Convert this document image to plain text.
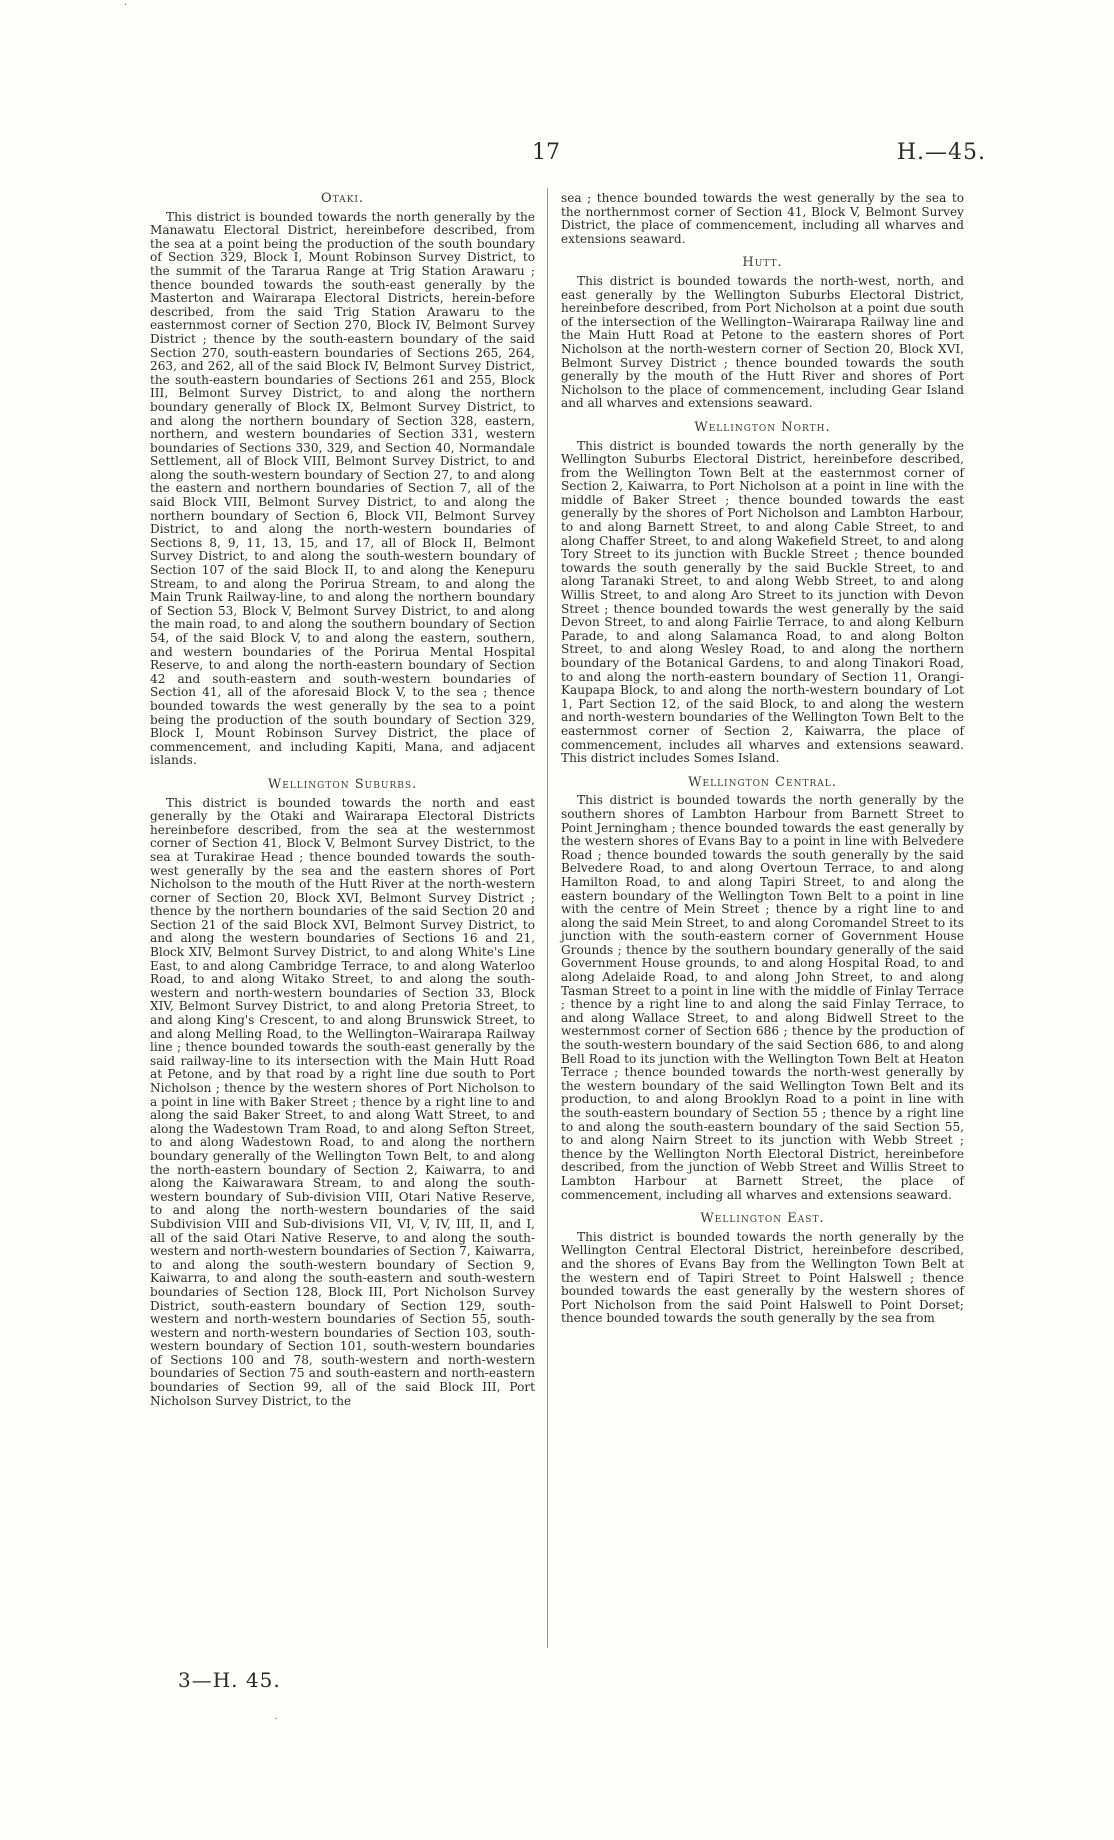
17	H.—45.
·
Otaki.

This district is bounded towards the north generally by the Manawatu Electoral District, hereinbefore described, from the sea at a point being the production of the south boundary of Section 329, Block I, Mount Robinson Survey District, to the summit of the Tararua Range at Trig Station Arawaru ; thence bounded towards the south-east generally by the Masterton and Wairarapa Electoral Districts, herein-before described, from the said Trig Station Arawaru to the easternmost corner of Section 270, Block IV, Belmont Survey District ; thence by the south-eastern boundary of the said Section 270, south-eastern boundaries of Sections 265, 264, 263, and 262, all of the said Block IV, Belmont Survey District, the south-eastern boundaries of Sections 261 and 255, Block III, Belmont Survey District, to and along the northern boundary generally of Block IX, Belmont Survey District, to and along the northern boundary of Section 328, eastern, northern, and western boundaries of Section 331, western boundaries of Sections 330, 329, and Section 40, Normandale Settlement, all of Block VIII, Belmont Survey District, to and along the south-western boundary of Section 27, to and along the eastern and northern boundaries of Section 7, all of the said Block VIII, Belmont Survey District, to and along the northern boundary of Section 6, Block VII, Belmont Survey District, to and along the north-western boundaries of Sections 8, 9, 11, 13, 15, and 17, all of Block II, Belmont Survey District, to and along the south-western boundary of Section 107 of the said Block II, to and along the Kenepuru Stream, to and along the Porirua Stream, to and along the Main Trunk Railway-line, to and along the northern boundary of Section 53, Block V, Belmont Survey District, to and along the main road, to and along the southern boundary of Section 54, of the said Block V, to and along the eastern, southern, and western boundaries of the Porirua Mental Hospital Reserve, to and along the north-eastern boundary of Section 42 and south-eastern and south-western boundaries of Section 41, all of the aforesaid Block V, to the sea ; thence bounded towards the west generally by the sea to a point being the production of the south boundary of Section 329, Block I, Mount Robinson Survey District, the place of commencement, and including Kapiti, Mana, and adjacent islands.

Wellington Suburbs.

This district is bounded towards the north and east generally by the Otaki and Wairarapa Electoral Districts hereinbefore described, from the sea at the westernmost corner of Section 41, Block V, Belmont Survey District, to the sea at Turakirae Head ; thence bounded towards the south-west generally by the sea and the eastern shores of Port Nicholson to the mouth of the Hutt River at the north-western corner of Section 20, Block XVI, Belmont Survey District ; thence by the northern boundaries of the said Section 20 and Section 21 of the said Block XVI, Belmont Survey District, to and along the western boundaries of Sections 16 and 21, Block XIV, Belmont Survey District, to and along White's Line East, to and along Cambridge Terrace, to and along Waterloo Road, to and along Witako Street, to and along the south-western and north-western boundaries of Section 33, Block XIV, Belmont Survey District, to and along Pretoria Street, to and along King's Crescent, to and along Brunswick Street, to and along Melling Road, to the Wellington–Wairarapa Railway line ; thence bounded towards the south-east generally by the said railway-line to its intersection with the Main Hutt Road at Petone, and by that road by a right line due south to Port Nicholson ; thence by the western shores of Port Nicholson to a point in line with Baker Street ; thence by a right line to and along the said Baker Street, to and along Watt Street, to and along the Wadestown Tram Road, to and along Sefton Street, to and along Wadestown Road, to and along the northern boundary generally of the Wellington Town Belt, to and along the north-eastern boundary of Section 2, Kaiwarra, to and along the Kaiwarawara Stream, to and along the south-western boundary of Sub-division VIII, Otari Native Reserve, to and along the north-western boundaries of the said Subdivision VIII and Sub-divisions VII, VI, V, IV, III, II, and I, all of the said Otari Native Reserve, to and along the south-western and north-western boundaries of Section 7, Kaiwarra, to and along the south-western boundary of Section 9, Kaiwarra, to and along the south-eastern and south-western boundaries of Section 128, Block III, Port Nicholson Survey District, south-eastern boundary of Section 129, south-western and north-western boundaries of Section 55, south-western and north-western boundaries of Section 103, south-western boundary of Section 101, south-western boundaries of Sections 100 and 78, south-western and north-western boundaries of Section 75 and south-eastern and north-eastern boundaries of Section 99, all of the said Block III, Port Nicholson Survey District, to the

sea ; thence bounded towards the west generally by the sea to the northernmost corner of Section 41, Block V, Belmont Survey District, the place of commencement, including all wharves and extensions seaward.

Hutt.

This district is bounded towards the north-west, north, and east generally by the Wellington Suburbs Electoral District, hereinbefore described, from Port Nicholson at a point due south of the intersection of the Wellington–Wairarapa Railway line and the Main Hutt Road at Petone to the eastern shores of Port Nicholson at the north-western corner of Section 20, Block XVI, Belmont Survey District ; thence bounded towards the south generally by the mouth of the Hutt River and shores of Port Nicholson to the place of commencement, including Gear Island and all wharves and extensions seaward.

Wellington North.

This district is bounded towards the north generally by the Wellington Suburbs Electoral District, hereinbefore described, from the Wellington Town Belt at the easternmost corner of Section 2, Kaiwarra, to Port Nicholson at a point in line with the middle of Baker Street ; thence bounded towards the east generally by the shores of Port Nicholson and Lambton Harbour, to and along Barnett Street, to and along Cable Street, to and along Chaffer Street, to and along Wakefield Street, to and along Tory Street to its junction with Buckle Street ; thence bounded towards the south generally by the said Buckle Street, to and along Taranaki Street, to and along Webb Street, to and along Willis Street, to and along Aro Street to its junction with Devon Street ; thence bounded towards the west generally by the said Devon Street, to and along Fairlie Terrace, to and along Kelburn Parade, to and along Salamanca Road, to and along Bolton Street, to and along Wesley Road, to and along the northern boundary of the Botanical Gardens, to and along Tinakori Road, to and along the north-eastern boundary of Section 11, Orangi-Kaupapa Block, to and along the north-western boundary of Lot 1, Part Section 12, of the said Block, to and along the western and north-western boundaries of the Wellington Town Belt to the easternmost corner of Section 2, Kaiwarra, the place of commencement, includes all wharves and extensions seaward. This district includes Somes Island.

Wellington Central.

This district is bounded towards the north generally by the southern shores of Lambton Harbour from Barnett Street to Point Jerningham ; thence bounded towards the east generally by the western shores of Evans Bay to a point in line with Belvedere Road ; thence bounded towards the south generally by the said Belvedere Road, to and along Overtoun Terrace, to and along Hamilton Road, to and along Tapiri Street, to and along the eastern boundary of the Wellington Town Belt to a point in line with the centre of Mein Street ; thence by a right line to and along the said Mein Street, to and along Coromandel Street to its junction with the south-eastern corner of Government House Grounds ; thence by the southern boundary generally of the said Government House grounds, to and along Hospital Road, to and along Adelaide Road, to and along John Street, to and along Tasman Street to a point in line with the middle of Finlay Terrace ; thence by a right line to and along the said Finlay Terrace, to and along Wallace Street, to and along Bidwell Street to the westernmost corner of Section 686 ; thence by the production of the south-western boundary of the said Section 686, to and along Bell Road to its junction with the Wellington Town Belt at Heaton Terrace ; thence bounded towards the north-west generally by the western boundary of the said Wellington Town Belt and its production, to and along Brooklyn Road to a point in line with the south-eastern boundary of Section 55 ; thence by a right line to and along the south-eastern boundary of the said Section 55, to and along Nairn Street to its junction with Webb Street ; thence by the Wellington North Electoral District, hereinbefore described, from the junction of Webb Street and Willis Street to Lambton Harbour at Barnett Street, the place of commencement, including all wharves and extensions seaward.

Wellington East.

This district is bounded towards the north generally by the Wellington Central Electoral District, hereinbefore described, and the shores of Evans Bay from the Wellington Town Belt at the western end of Tapiri Street to Point Halswell ; thence bounded towards the east generally by the western shores of Port Nicholson from the said Point Halswell to Point Dorset; thence bounded towards the south generally by the sea from

3—H. 45.
ˎ
